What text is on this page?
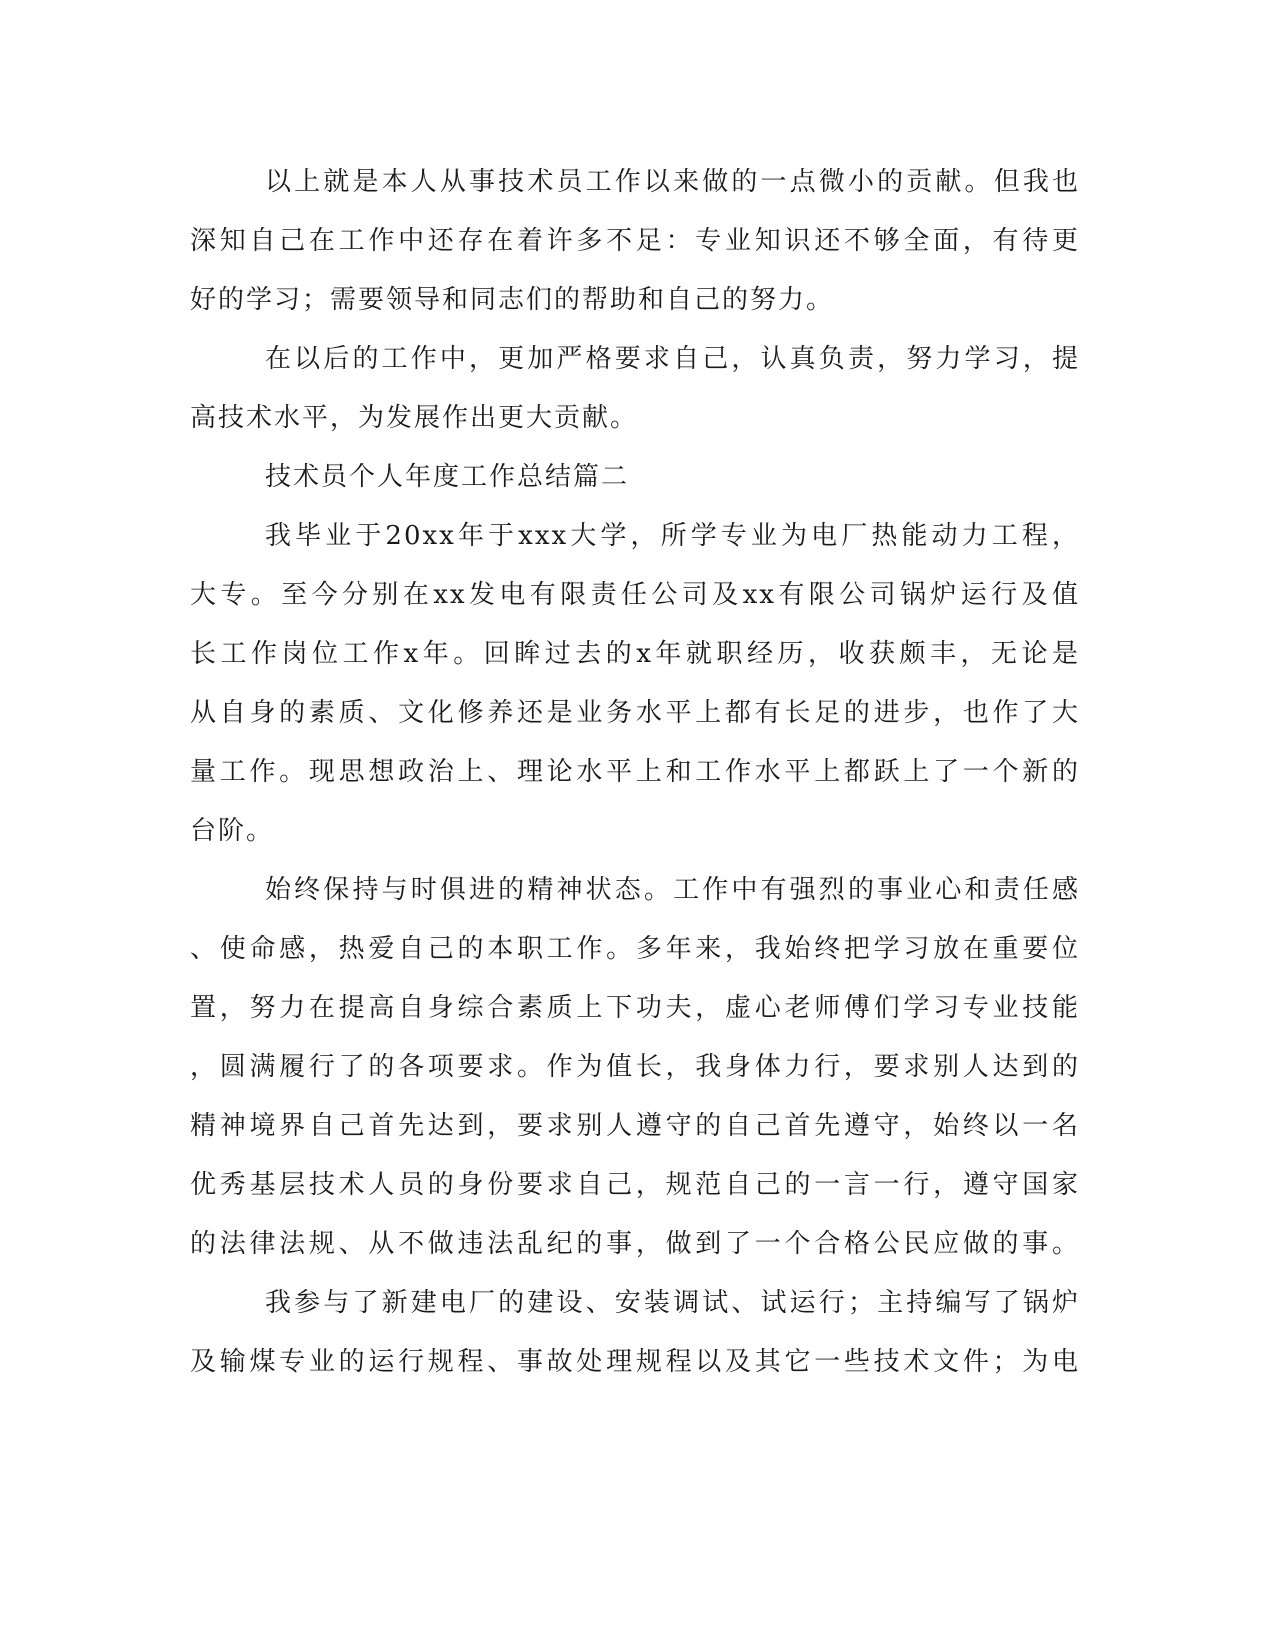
以上就是本人从事技术员工作以来做的一点微小的贡献。但我也
深知自己在工作中还存在着许多不足：专业知识还不够全面，有待更
好的学习；需要领导和同志们的帮助和自己的努力。
在以后的工作中，更加严格要求自己，认真负责，努力学习，提
高技术水平，为发展作出更大贡献。
技术员个人年度工作总结篇二
我毕业于20xx年于xxx大学，所学专业为电厂热能动力工程，
大专。至今分别在xx发电有限责任公司及xx有限公司锅炉运行及值
长工作岗位工作x年。回眸过去的x年就职经历，收获颇丰，无论是
从自身的素质、文化修养还是业务水平上都有长足的进步，也作了大
量工作。现思想政治上、理论水平上和工作水平上都跃上了一个新的
台阶。
始终保持与时俱进的精神状态。工作中有强烈的事业心和责任感
、使命感，热爱自己的本职工作。多年来，我始终把学习放在重要位
置，努力在提高自身综合素质上下功夫，虚心老师傅们学习专业技能
，圆满履行了的各项要求。作为值长，我身体力行，要求别人达到的
精神境界自己首先达到，要求别人遵守的自己首先遵守，始终以一名
优秀基层技术人员的身份要求自己，规范自己的一言一行，遵守国家
的法律法规、从不做违法乱纪的事，做到了一个合格公民应做的事。
我参与了新建电厂的建设、安装调试、试运行；主持编写了锅炉
及输煤专业的运行规程、事故处理规程以及其它一些技术文件；为电
